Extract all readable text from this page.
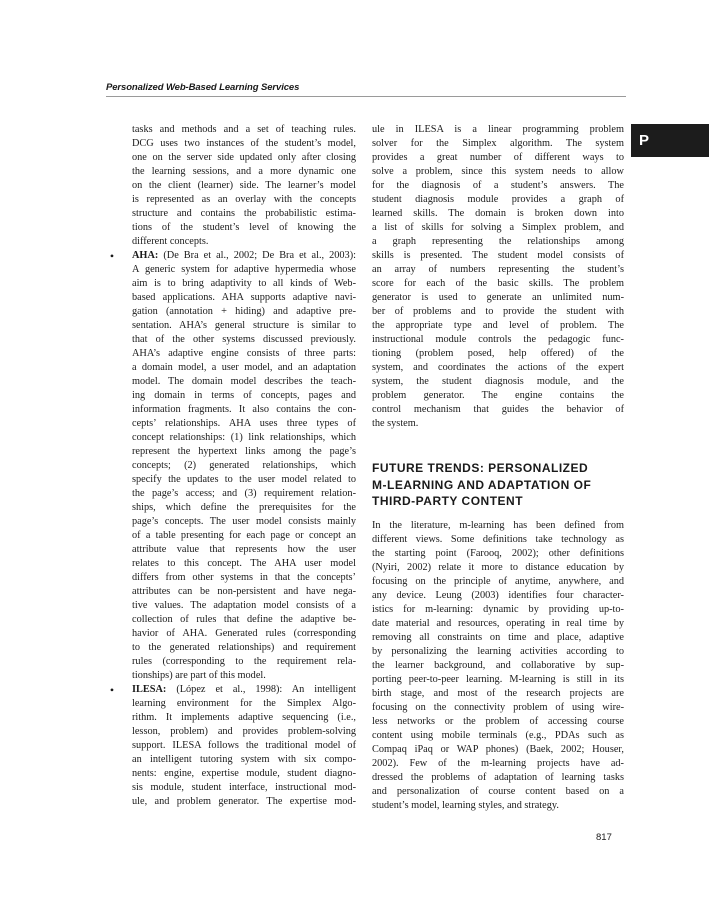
Personalized Web-Based Learning Services
P
tasks and methods and a set of teaching rules.
DCG uses two instances of the student’s model,
one on the server side updated only after closing
the learning sessions, and a more dynamic one
on the client (learner) side. The learner’s model
is represented as an overlay with the concepts
structure and contains the probabilistic estima-
tions of the student’s level of knowing the
different concepts.
•	AHA: (De Bra et al., 2002; De Bra et al., 2003):
A generic system for adaptive hypermedia whose
aim is to bring adaptivity to all kinds of Web-
based applications. AHA supports adaptive navi-
gation (annotation + hiding) and adaptive pre-
sentation. AHA’s general structure is similar to
that of the other systems discussed previously.
AHA’s adaptive engine consists of three parts:
a domain model, a user model, and an adaptation
model. The domain model describes the teach-
ing domain in terms of concepts, pages and
information fragments. It also contains the con-
cepts’ relationships. AHA uses three types of
concept relationships: (1) link relationships, which
represent the hypertext links among the page’s
concepts; (2) generated relationships, which
specify the updates to the user model related to
the page’s access; and (3) requirement relation-
ships, which define the prerequisites for the
page’s concepts. The user model consists mainly
of a table presenting for each page or concept an
attribute value that represents how the user
relates to this concept. The AHA user model
differs from other systems in that the concepts’
attributes can be non-persistent and have nega-
tive values. The adaptation model consists of a
collection of rules that define the adaptive be-
havior of AHA. Generated rules (corresponding
to the generated relationships) and requirement
rules (corresponding to the requirement rela-
tionships) are part of this model.
•	ILESA: (López et al., 1998): An intelligent
learning environment for the Simplex Algo-
rithm. It implements adaptive sequencing (i.e.,
lesson, problem) and provides problem-solving
support. ILESA follows the traditional model of
an intelligent tutoring system with six compo-
nents: engine, expertise module, student diagno-
sis module, student interface, instructional mod-
ule, and problem generator. The expertise mod-
ule in ILESA is a linear programming problem
solver for the Simplex algorithm. The system
provides a great number of different ways to
solve a problem, since this system needs to allow
for the diagnosis of a student’s answers. The
student diagnosis module provides a graph of
learned skills. The domain is broken down into
a list of skills for solving a Simplex problem, and
a graph representing the relationships among
skills is presented. The student model consists of
an array of numbers representing the student’s
score for each of the basic skills. The problem
generator is used to generate an unlimited num-
ber of problems and to provide the student with
the appropriate type and level of problem. The
instructional module controls the pedagogic func-
tioning (problem posed, help offered) of the
system, and coordinates the actions of the expert
system, the student diagnosis module, and the
problem generator. The engine contains the
control mechanism that guides the behavior of
the system.
FUTURE TRENDS: PERSONALIZED
M-LEARNING AND ADAPTATION OF
THIRD-PARTY CONTENT
In the literature, m-learning has been defined from
different views. Some definitions take technology as
the starting point (Farooq, 2002); other definitions
(Nyiri, 2002) relate it more to distance education by
focusing on the principle of anytime, anywhere, and
any device. Leung (2003) identifies four character-
istics for m-learning: dynamic by providing up-to-
date material and resources, operating in real time by
removing all constraints on time and place, adaptive
by personalizing the learning activities according to
the learner background, and collaborative by sup-
porting peer-to-peer learning. M-learning is still in its
birth stage, and most of the research projects are
focusing on the connectivity problem of using wire-
less networks or the problem of accessing course
content using mobile terminals (e.g., PDAs such as
Compaq iPaq or WAP phones) (Baek, 2002; Houser,
2002). Few of the m-learning projects have ad-
dressed the problems of adaptation of learning tasks
and personalization of course content based on a
student’s model, learning styles, and strategy.
817
